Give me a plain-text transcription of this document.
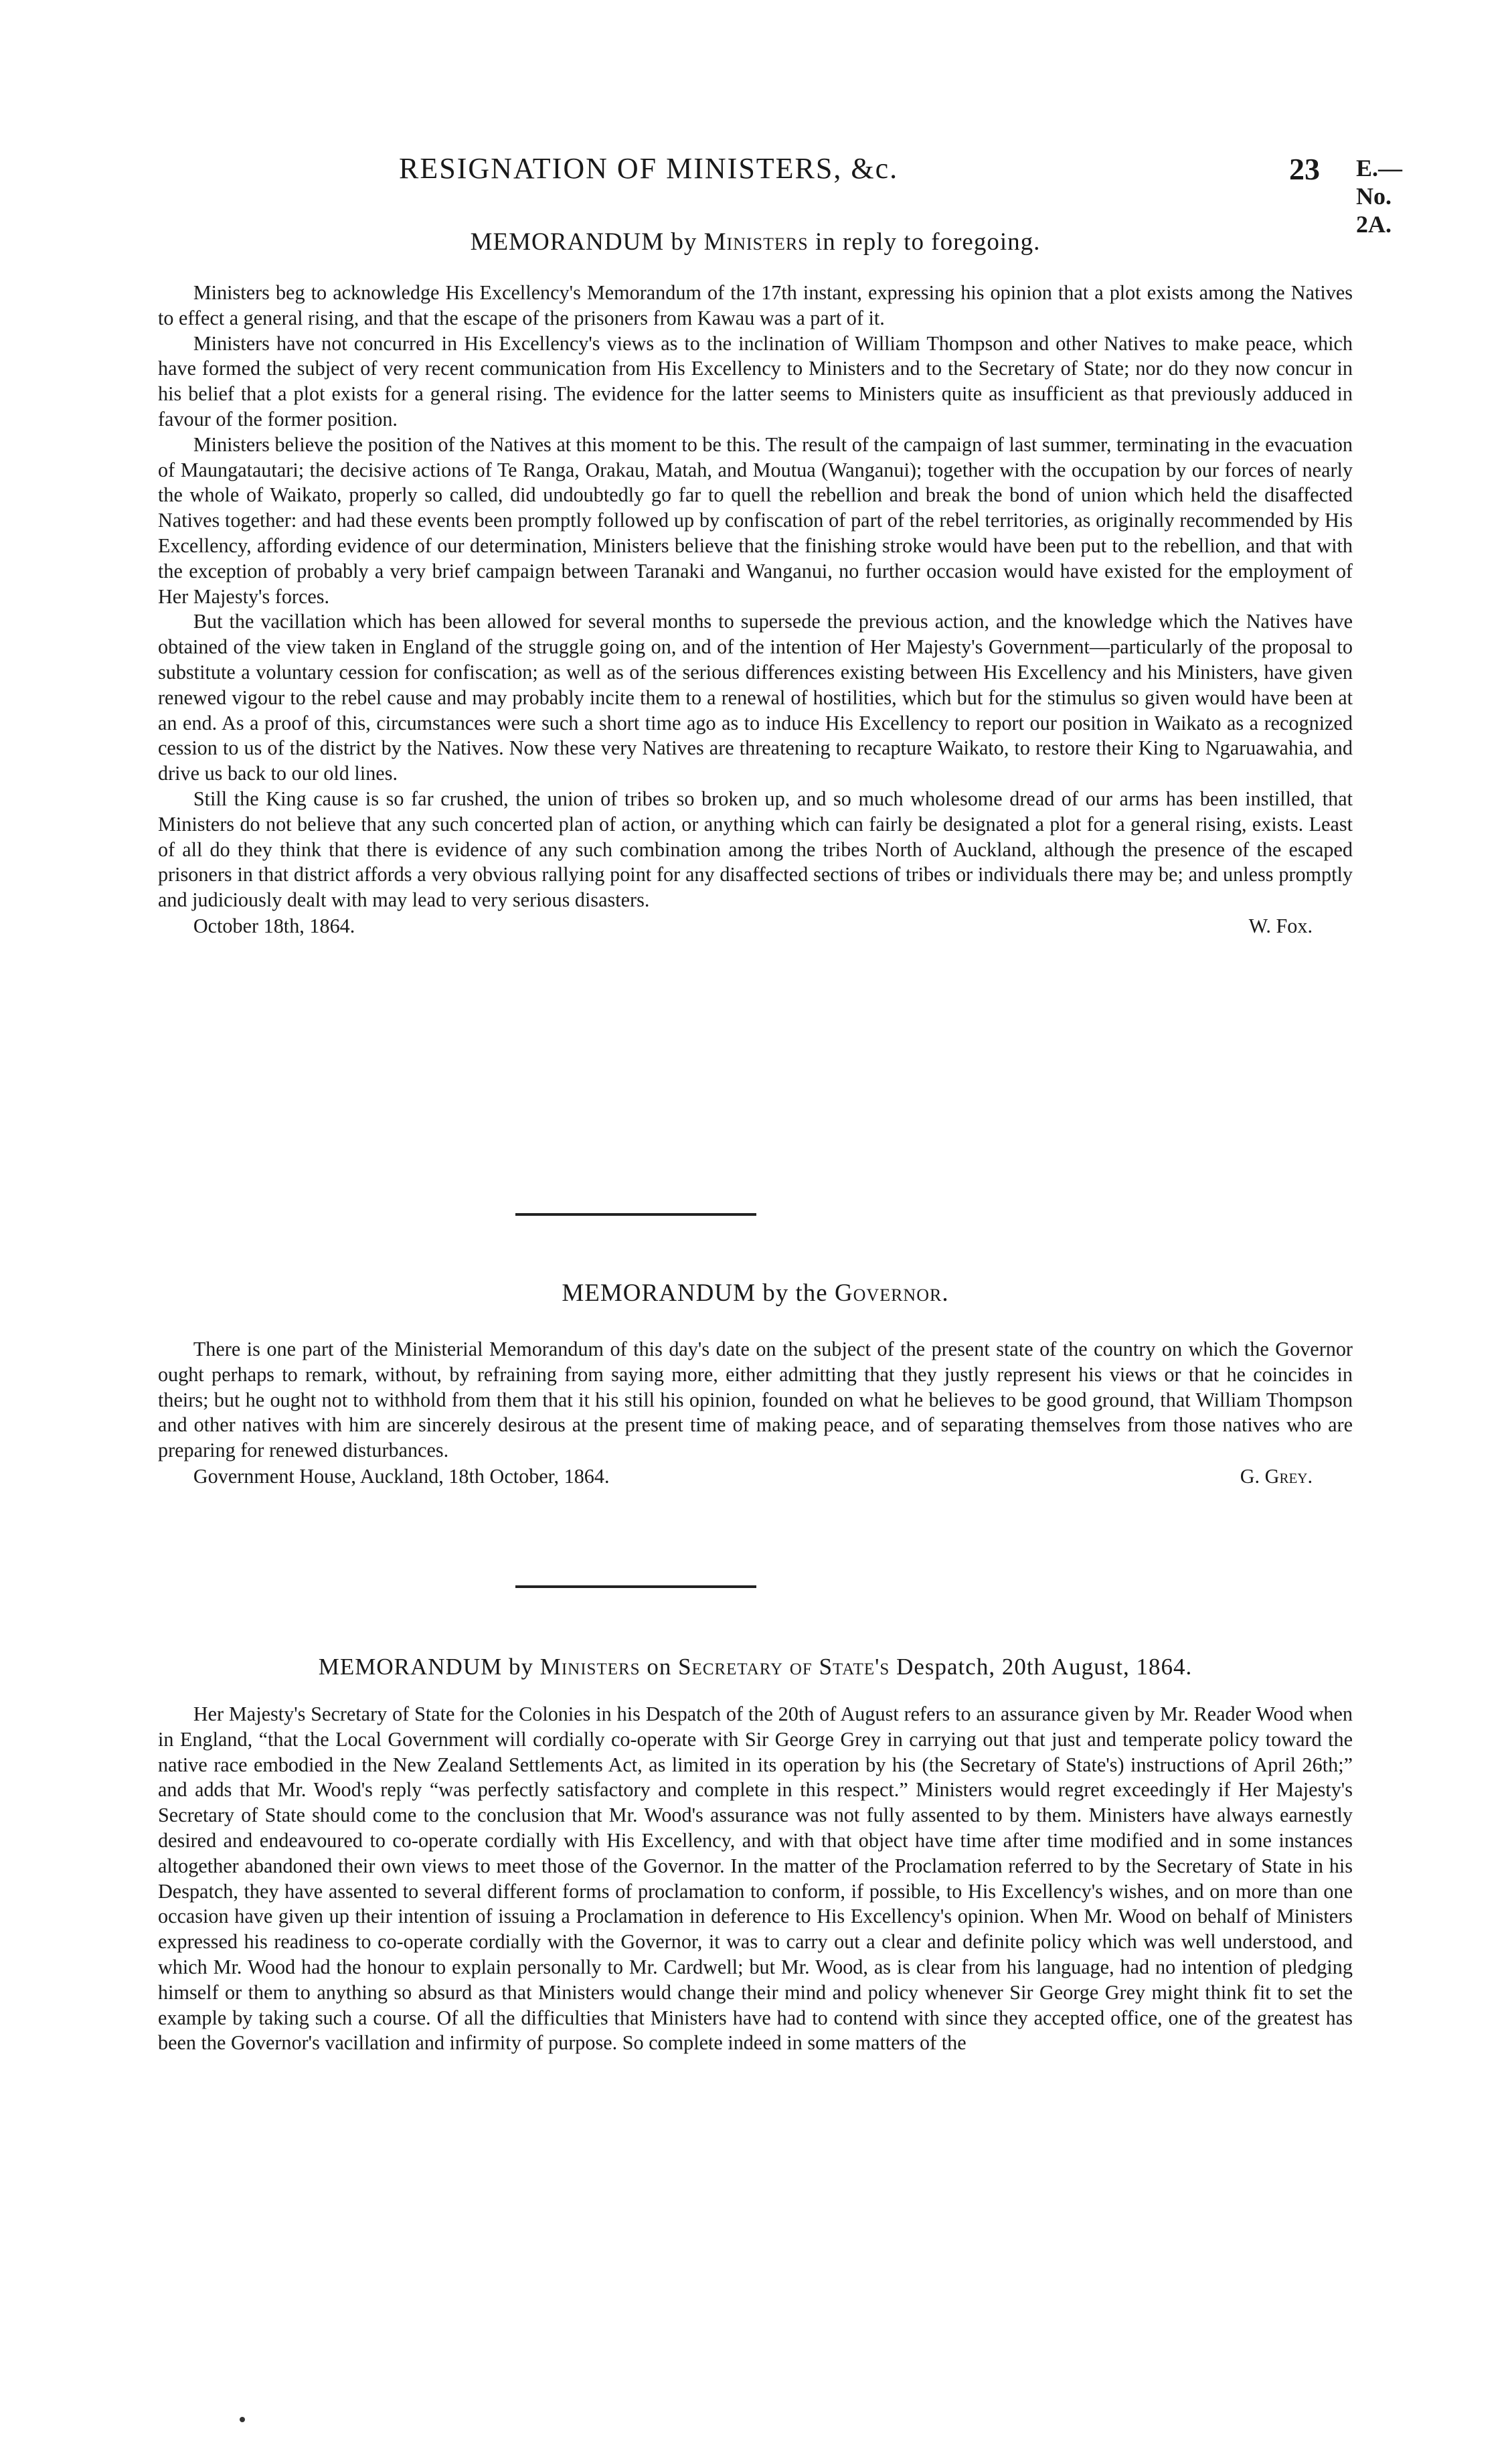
RESIGNATION OF MINISTERS, &c.	23 E.—No. 2A.

MEMORANDUM by Ministers in reply to foregoing.

Ministers beg to acknowledge His Excellency's Memorandum of the 17th instant, expressing his opinion that a plot exists among the Natives to effect a general rising, and that the escape of the prisoners from Kawau was a part of it.

Ministers have not concurred in His Excellency's views as to the inclination of William Thompson and other Natives to make peace, which have formed the subject of very recent communication from His Excellency to Ministers and to the Secretary of State; nor do they now concur in his belief that a plot exists for a general rising. The evidence for the latter seems to Ministers quite as insufficient as that previously adduced in favour of the former position.

Ministers believe the position of the Natives at this moment to be this. The result of the campaign of last summer, terminating in the evacuation of Maungatautari; the decisive actions of Te Ranga, Orakau, Matah, and Moutua (Wanganui); together with the occupation by our forces of nearly the whole of Waikato, properly so called, did undoubtedly go far to quell the rebellion and break the bond of union which held the disaffected Natives together: and had these events been promptly followed up by confiscation of part of the rebel territories, as originally recommended by His Excellency, affording evidence of our determination, Ministers believe that the finishing stroke would have been put to the rebellion, and that with the exception of probably a very brief campaign between Taranaki and Wanganui, no further occasion would have existed for the employment of Her Majesty's forces.

But the vacillation which has been allowed for several months to supersede the previous action, and the knowledge which the Natives have obtained of the view taken in England of the struggle going on, and of the intention of Her Majesty's Government—particularly of the proposal to substitute a voluntary cession for confiscation; as well as of the serious differences existing between His Excellency and his Ministers, have given renewed vigour to the rebel cause and may probably incite them to a renewal of hostilities, which but for the stimulus so given would have been at an end. As a proof of this, circumstances were such a short time ago as to induce His Excellency to report our position in Waikato as a recognized cession to us of the district by the Natives. Now these very Natives are threatening to recapture Waikato, to restore their King to Ngaruawahia, and drive us back to our old lines.

Still the King cause is so far crushed, the union of tribes so broken up, and so much wholesome dread of our arms has been instilled, that Ministers do not believe that any such concerted plan of action, or anything which can fairly be designated a plot for a general rising, exists. Least of all do they think that there is evidence of any such combination among the tribes North of Auckland, although the presence of the escaped prisoners in that district affords a very obvious rallying point for any disaffected sections of tribes or individuals there may be; and unless promptly and judiciously dealt with may lead to very serious disasters.

October 18th, 1864.	W. Fox.

MEMORANDUM by the Governor.

There is one part of the Ministerial Memorandum of this day's date on the subject of the present state of the country on which the Governor ought perhaps to remark, without, by refraining from saying more, either admitting that they justly represent his views or that he coincides in theirs; but he ought not to withhold from them that it his still his opinion, founded on what he believes to be good ground, that William Thompson and other natives with him are sincerely desirous at the present time of making peace, and of separating themselves from those natives who are preparing for renewed disturbances.

Government House, Auckland, 18th October, 1864.	G. Grey.

MEMORANDUM by Ministers on Secretary of State's Despatch, 20th August, 1864.

Her Majesty's Secretary of State for the Colonies in his Despatch of the 20th of August refers to an assurance given by Mr. Reader Wood when in England, “that the Local Government will cordially co-operate with Sir George Grey in carrying out that just and temperate policy toward the native race embodied in the New Zealand Settlements Act, as limited in its operation by his (the Secretary of State's) instructions of April 26th;” and adds that Mr. Wood's reply “was perfectly satisfactory and complete in this respect.” Ministers would regret exceedingly if Her Majesty's Secretary of State should come to the conclusion that Mr. Wood's assurance was not fully assented to by them. Ministers have always earnestly desired and endeavoured to co-operate cordially with His Excellency, and with that object have time after time modified and in some instances altogether abandoned their own views to meet those of the Governor. In the matter of the Proclamation referred to by the Secretary of State in his Despatch, they have assented to several different forms of proclamation to conform, if possible, to His Excellency's wishes, and on more than one occasion have given up their intention of issuing a Proclamation in deference to His Excellency's opinion. When Mr. Wood on behalf of Ministers expressed his readiness to co-operate cordially with the Governor, it was to carry out a clear and definite policy which was well understood, and which Mr. Wood had the honour to explain personally to Mr. Cardwell; but Mr. Wood, as is clear from his language, had no intention of pledging himself or them to anything so absurd as that Ministers would change their mind and policy whenever Sir George Grey might think fit to set the example by taking such a course. Of all the difficulties that Ministers have had to contend with since they accepted office, one of the greatest has been the Governor's vacillation and infirmity of purpose. So complete indeed in some matters of the
